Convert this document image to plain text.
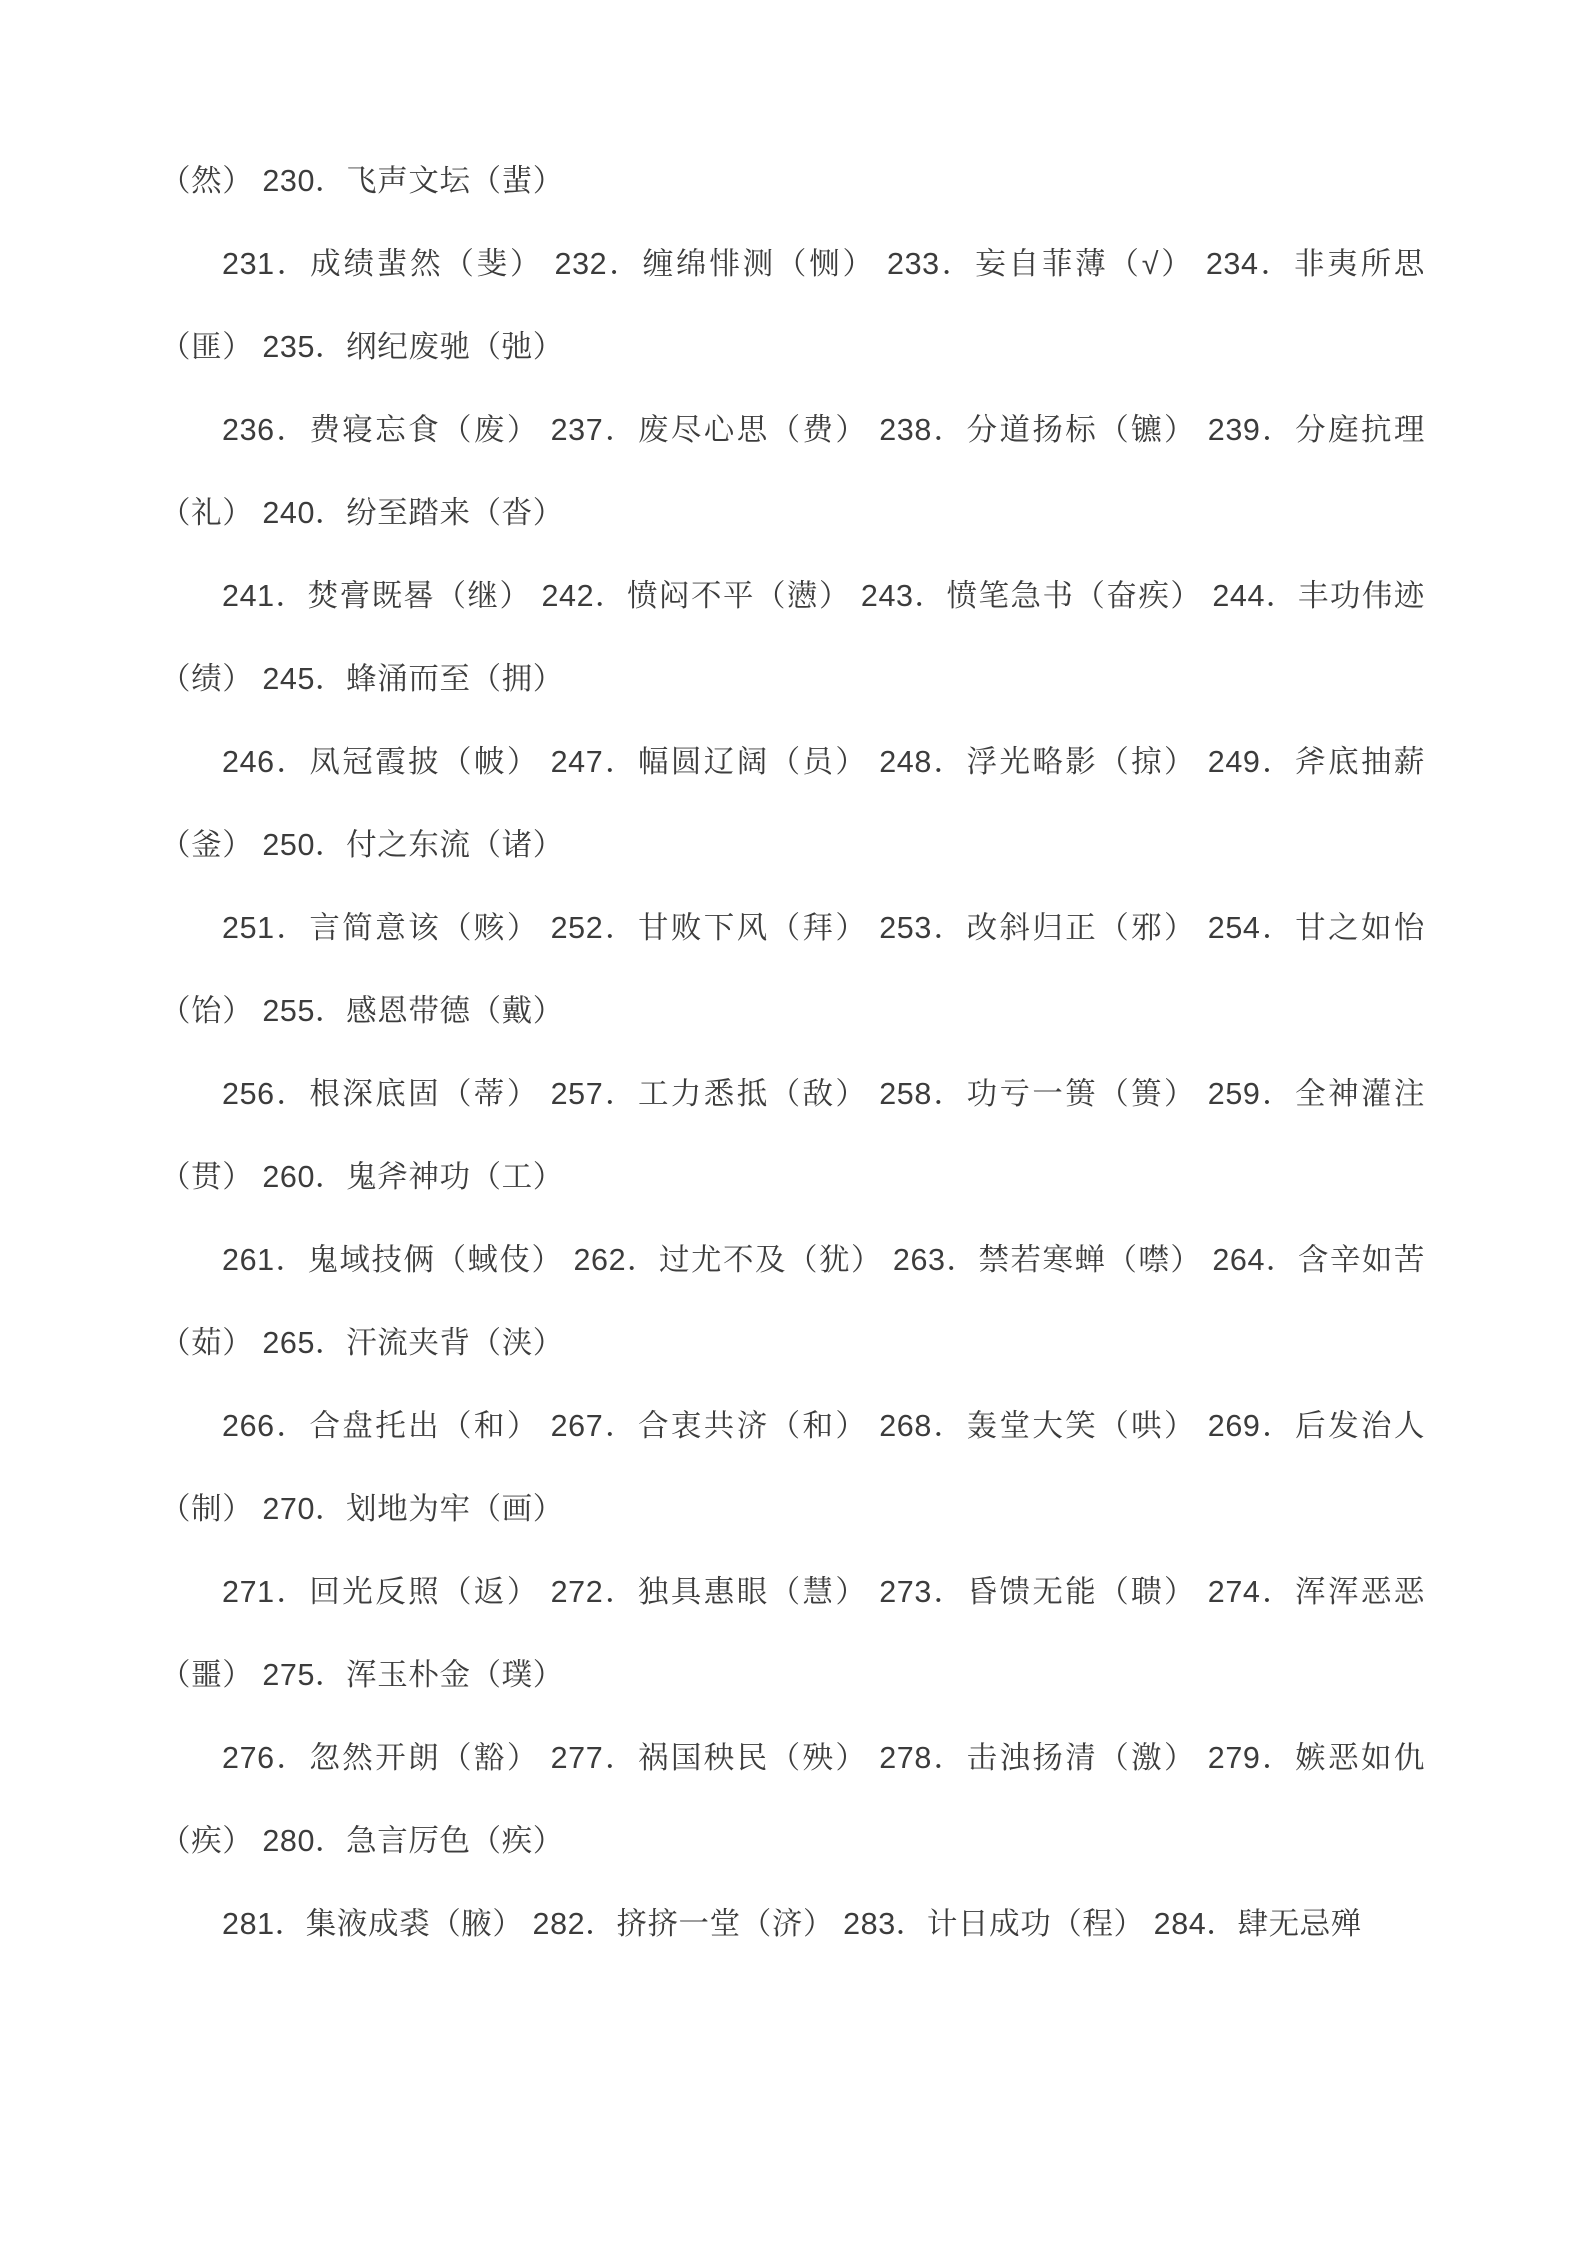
（然） 230．飞声文坛（蜚）

231．成绩蜚然（斐） 232．缠绵悱测（恻） 233．妄自菲薄（√） 234．非夷所思（匪） 235．纲纪废驰（弛）

236．费寝忘食（废） 237．废尽心思（费） 238．分道扬标（镳） 239．分庭抗理（礼） 240．纷至踏来（沓）

241．焚膏既晷（继） 242．愤闷不平（懑） 243．愤笔急书（奋疾） 244．丰功伟迹（绩） 245．蜂涌而至（拥）

246．凤冠霞披（帔） 247．幅圆辽阔（员） 248．浮光略影（掠） 249．斧底抽薪（釜） 250．付之东流（诸）

251．言简意该（赅） 252．甘败下风（拜） 253．改斜归正（邪） 254．甘之如怡（饴） 255．感恩带德（戴）

256．根深底固（蒂） 257．工力悉抵（敌） 258．功亏一篑（篑） 259．全神灌注（贯） 260．鬼斧神功（工）

261．鬼域技俩（蜮伎） 262．过尤不及（犹） 263．禁若寒蝉（噤） 264．含辛如苦（茹） 265．汗流夹背（浃）

266．合盘托出（和） 267．合衷共济（和） 268．轰堂大笑（哄） 269．后发治人（制） 270．划地为牢（画）

271．回光反照（返） 272．独具惠眼（慧） 273．昏馈无能（聩） 274．浑浑恶恶（噩） 275．浑玉朴金（璞）

276．忽然开朗（豁） 277．祸国秧民（殃） 278．击浊扬清（激） 279．嫉恶如仇（疾） 280．急言厉色（疾）

281．集液成裘（腋） 282．挤挤一堂（济） 283．计日成功（程） 284．肆无忌殚
